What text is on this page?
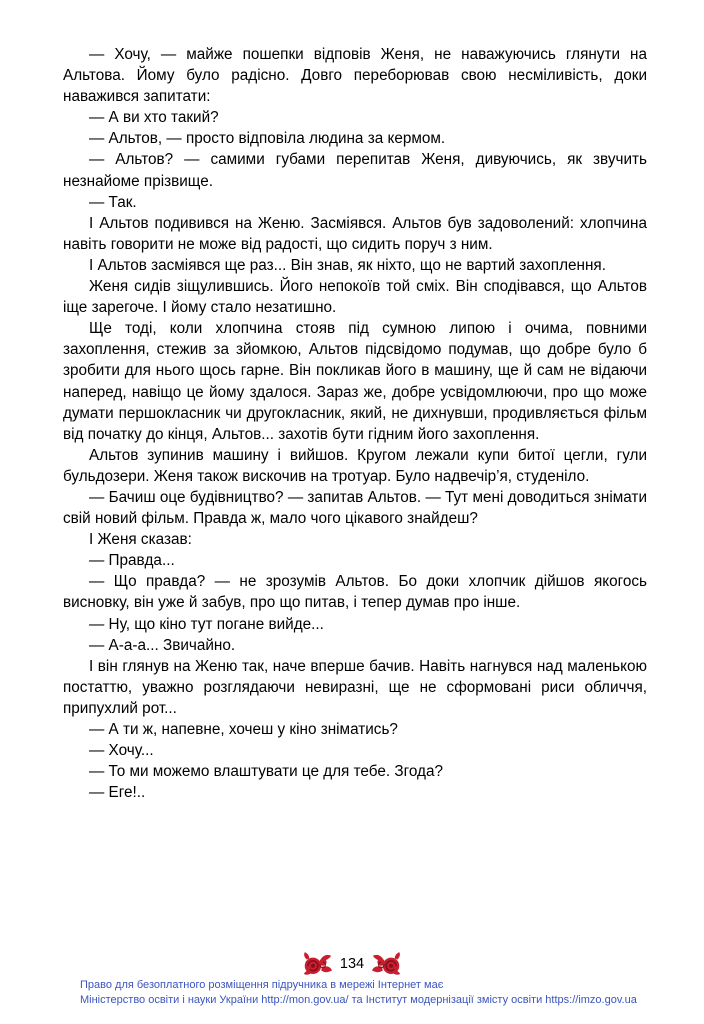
— Хочу, — майже пошепки відповів Женя, не наважуючись глянути на Альтова. Йому було радісно. Довго переборював свою несміливість, доки наважився запитати:

— А ви хто такий?

— Альтов, — просто відповіла людина за кермом.

— Альтов? — самими губами перепитав Женя, дивуючись, як звучить незнайоме прізвище.

— Так.

І Альтов подивився на Женю. Засміявся. Альтов був задоволений: хлопчина навіть говорити не може від радості, що сидить поруч з ним.

І Альтов засміявся ще раз... Він знав, як ніхто, що не вартий захоплення.

Женя сидів зіщулившись. Його непокоїв той сміх. Він сподівався, що Альтов іще зарегоче. І йому стало незатишно.

Ще тоді, коли хлопчина стояв під сумною липою і очима, повними захоплення, стежив за зйомкою, Альтов підсвідомо подумав, що добре було б зробити для нього щось гарне. Він покликав його в машину, ще й сам не відаючи наперед, навіщо це йому здалося. Зараз же, добре усвідомлюючи, про що може думати першокласник чи другокласник, який, не дихнувши, продивляється фільм від початку до кінця, Альтов... захотів бути гідним його захоплення.

Альтов зупинив машину і вийшов. Кругом лежали купи битої цегли, гули бульдозери. Женя також вискочив на тротуар. Було надвечір’я, студеніло.

— Бачиш оце будівництво? — запитав Альтов. — Тут мені доводиться знімати свій новий фільм. Правда ж, мало чого цікавого знайдеш?

І Женя сказав:

— Правда...

— Що правда? — не зрозумів Альтов. Бо доки хлопчик дійшов якогось висновку, він уже й забув, про що питав, і тепер думав про інше.

— Ну, що кіно тут погане вийде...

— А-а-а... Звичайно.

І він глянув на Женю так, наче вперше бачив. Навіть нагнувся над маленькою постаттю, уважно розглядаючи невиразні, ще не сформовані риси обличчя, припухлий рот...

— А ти ж, напевне, хочеш у кіно зніматись?

— Хочу...

— То ми можемо влаштувати це для тебе. Згода?

— Еге!..

134
Право для безоплатного розміщення підручника в мережі Інтернет має
Міністерство освіти і науки України http://mon.gov.ua/ та Інститут модернізації змісту освіти https://imzo.gov.ua
